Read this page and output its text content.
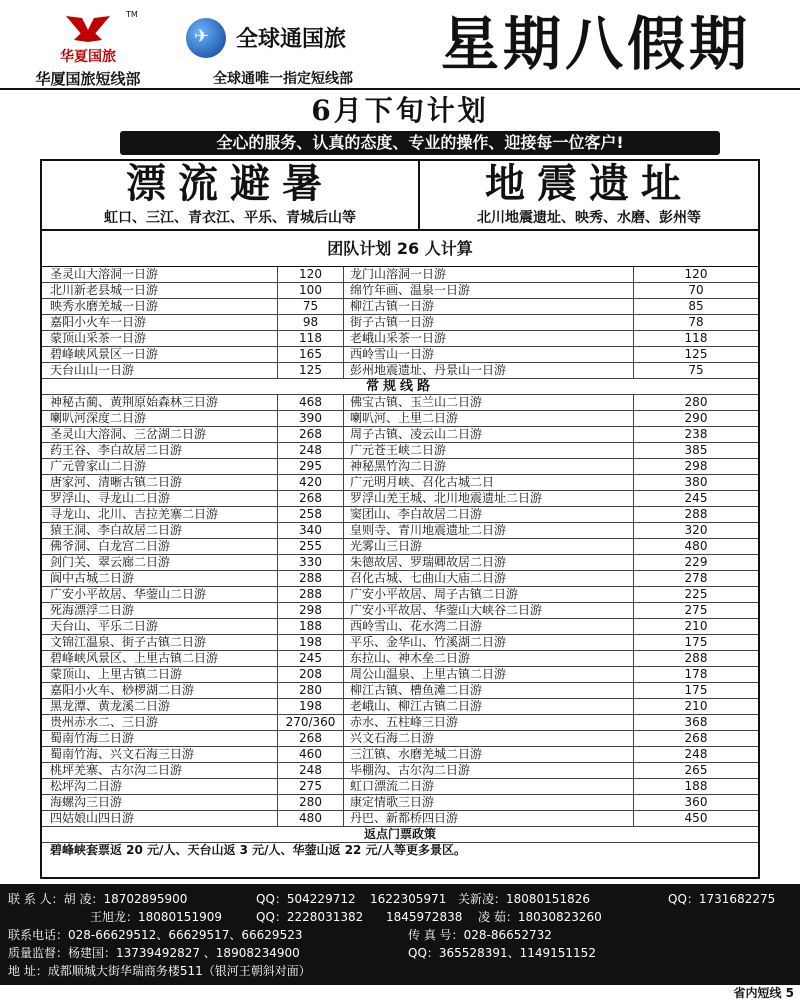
TM
华夏国旅
华厦国旅短线部
✈ 全球通国旅
全球通唯一指定短线部
星期八假期
6月下旬计划
全心的服务、认真的态度、专业的操作、迎接每一位客户!
漂流避暑
虹口、三江、青衣江、平乐、青城后山等
地震遗址
北川地震遗址、映秀、水磨、彭州等
团队计划 26 人计算
圣灵山大溶洞一日游	120	龙门山溶洞一日游	120
北川新老县城一日游	100	绵竹年画、温泉一日游	70
映秀水磨羌城一日游	75	柳江古镇一日游	85
嘉阳小火车一日游	98	街子古镇一日游	78
蒙顶山采茶一日游	118	老峨山采茶一日游	118
碧峰峡风景区一日游	165	西岭雪山一日游	125
天台山山一日游	125	彭州地震遗址、丹景山一日游	75
常规线路
神秘古蔺、黄荆原始森林三日游	468	佛宝古镇、玉兰山二日游	280
喇叭河深度二日游	390	喇叭河、上里二日游	290
圣灵山大溶洞、三岔湖二日游	268	周子古镇、凌云山二日游	238
药王谷、李白故居二日游	248	广元苍王峡二日游	385
广元曾家山二日游	295	神秘黑竹沟二日游	298
唐家河、清晰古镇二日游	420	广元明月峡、召化古城二日	380
罗浮山、寻龙山二日游	268	罗浮山羌王城、北川地震遗址二日游	245
寻龙山、北川、吉拉羌寨二日游	258	窦团山、李白故居二日游	288
猿王洞、李白故居二日游	340	皇则寺、青川地震遗址二日游	320
佛爷洞、白龙宫二日游	255	光雾山三日游	480
剑门关、翠云廊二日游	330	朱德故居、罗瑞卿故居二日游	229
阆中古城二日游	288	召化古城、七曲山大庙二日游	278
广安小平故居、华蓥山二日游	288	广安小平故居、周子古镇二日游	225
死海漂浮二日游	298	广安小平故居、华蓥山大峡谷二日游	275
天台山、平乐二日游	188	西岭雪山、花水湾二日游	210
文锦江温泉、街子古镇二日游	198	平乐、金华山、竹溪湖二日游	175
碧峰峡风景区、上里古镇二日游	245	东拉山、神木垒二日游	288
蒙顶山、上里古镇二日游	208	周公山温泉、上里古镇二日游	178
嘉阳小火车、桫椤湖二日游	280	柳江古镇、槽鱼滩二日游	175
黑龙潭、黄龙溪二日游	198	老峨山、柳江古镇二日游	210
贵州赤水二、三日游	270/360	赤水、五柱峰三日游	368
蜀南竹海二日游	268	兴文石海二日游	268
蜀南竹海、兴文石海三日游	460	三江镇、水磨羌城二日游	248
桃坪羌寨、古尔沟二日游	248	毕棚沟、古尔沟二日游	265
松坪沟二日游	275	虹口漂流二日游	188
海螺沟三日游	280	康定情歌三日游	360
四姑娘山四日游	480	丹巴、新都桥四日游	450
返点门票政策
碧峰峡套票返 20 元/人、天台山返 3 元/人、华蓥山返 22 元/人等更多景区。
联 系 人：胡 凌：18702895900	QQ：504229712 1622305971 关新凌：18080151826	QQ：1731682275
王旭龙：18080151909	QQ：2228031382 1845972838 凌 茹：18030823260
联系电话：028-66629512、66629517、66629523	传 真 号：028-86652732
质量监督：杨建国：13739492827 、18908234900	QQ：365528391、1149151152
地 址：成都顺城大街华瑞商务楼511（银河王朝斜对面）
省内短线 5
